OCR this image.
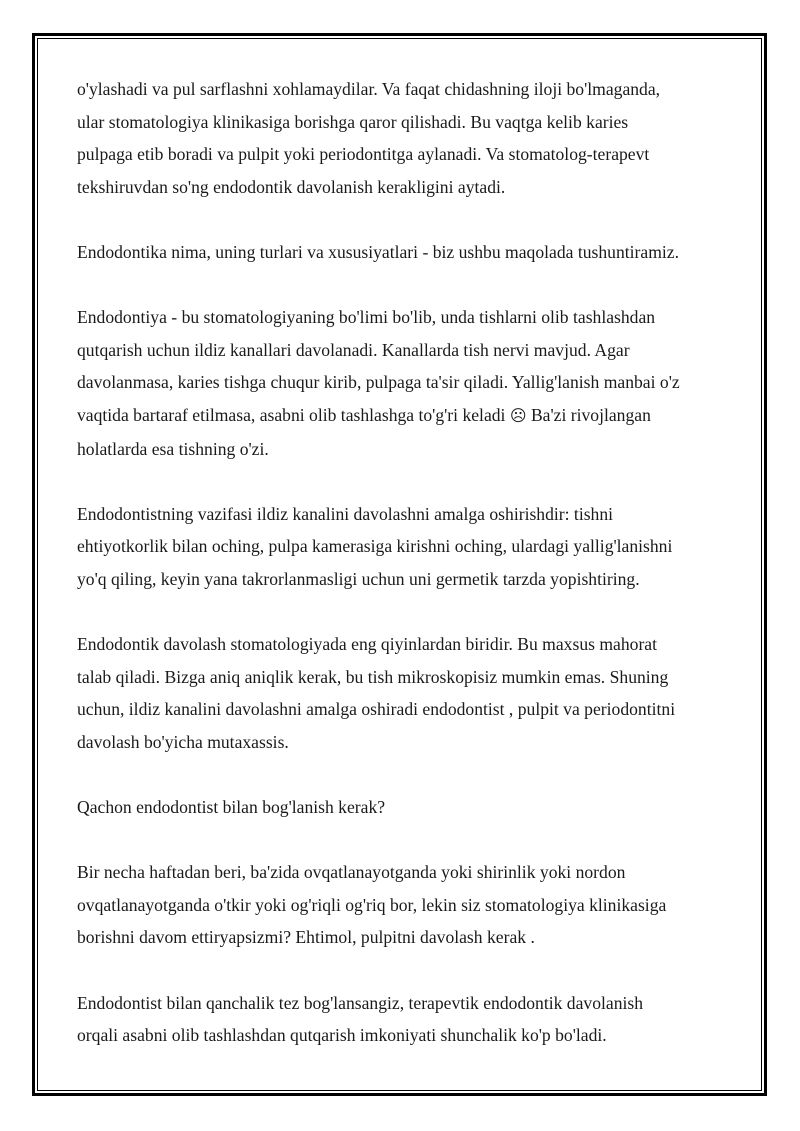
o'ylashadi va pul sarflashni xohlamaydilar. Va faqat chidashning iloji bo'lmaganda,
ular stomatologiya klinikasiga borishga qaror qilishadi. Bu vaqtga kelib karies
pulpaga etib boradi va pulpit yoki periodontitga aylanadi. Va stomatolog-terapevt
tekshiruvdan so'ng endodontik davolanish kerakligini aytadi.

Endodontika nima, uning turlari va xususiyatlari - biz ushbu maqolada tushuntiramiz.

Endodontiya - bu stomatologiyaning bo'limi bo'lib, unda tishlarni olib tashlashdan
qutqarish uchun ildiz kanallari davolanadi. Kanallarda tish nervi mavjud. Agar
davolanmasa, karies tishga chuqur kirib, pulpaga ta'sir qiladi. Yallig'lanish manbai o'z
vaqtida bartaraf etilmasa, asabni olib tashlashga to'g'ri keladi ☹ Ba'zi rivojlangan
holatlarda esa tishning o'zi.

Endodontistning vazifasi ildiz kanalini davolashni amalga oshirishdir: tishni
ehtiyotkorlik bilan oching, pulpa kamerasiga kirishni oching, ulardagi yallig'lanishni
yo'q qiling, keyin yana takrorlanmasligi uchun uni germetik tarzda yopishtiring.

Endodontik davolash stomatologiyada eng qiyinlardan biridir. Bu maxsus mahorat
talab qiladi. Bizga aniq aniqlik kerak, bu tish mikroskopisiz mumkin emas. Shuning
uchun, ildiz kanalini davolashni amalga oshiradi endodontist , pulpit va periodontitni
davolash bo'yicha mutaxassis.

Qachon endodontist bilan bog'lanish kerak?

Bir necha haftadan beri, ba'zida ovqatlanayotganda yoki shirinlik yoki nordon
ovqatlanayotganda o'tkir yoki og'riqli og'riq bor, lekin siz stomatologiya klinikasiga
borishni davom ettiryapsizmi? Ehtimol, pulpitni davolash kerak .

Endodontist bilan qanchalik tez bog'lansangiz, terapevtik endodontik davolanish
orqali asabni olib tashlashdan qutqarish imkoniyati shunchalik ko'p bo'ladi.
